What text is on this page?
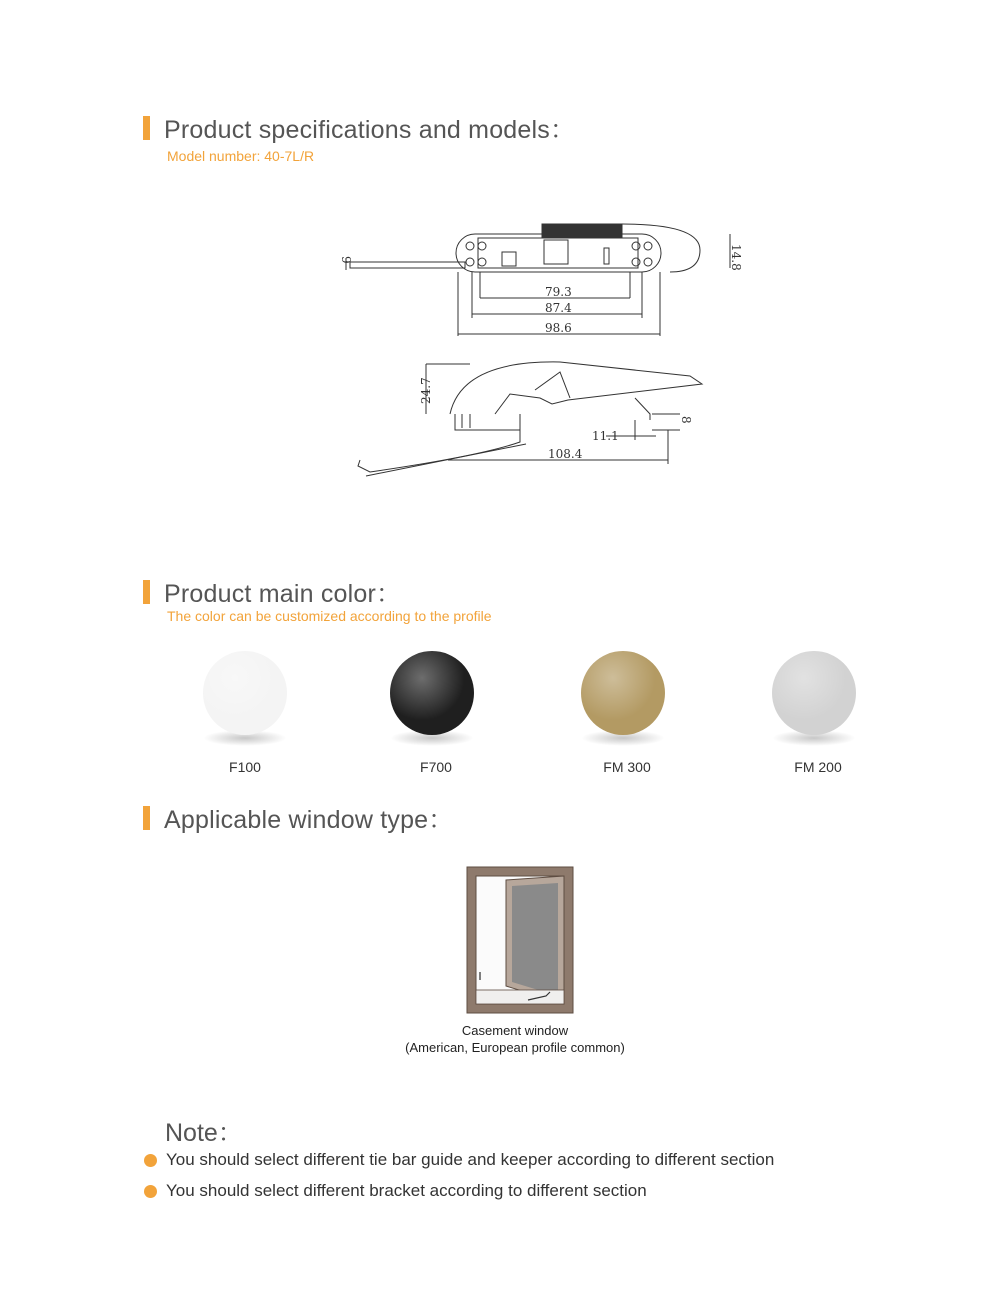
Product specifications and models：
Model number: 40-7L/R
79.3
87.4
98.6
14.8
9
24.7
11.1
108.4
8
Product main color：
The color can be customized according to the profile
F100	F700	FM 300	FM 200
Applicable window type：
Casement window
(American, European profile common)
Note：
You should select different tie bar guide and keeper according to different section
You should select different bracket according to different section
